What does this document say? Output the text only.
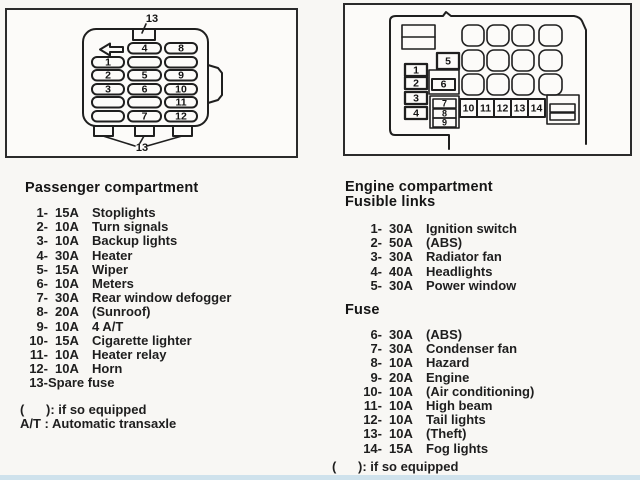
13
4	8
1
2	5	9
3	6	10
11
7	12
13
1
2
3
4
5
6
7
8
9
10 11 12 13 14
Passenger compartment
1- 15A	Stoplights
2- 10A	Turn signals
3- 10A	Backup lights
4- 30A	Heater
5- 15A	Wiper
6- 10A	Meters
7- 30A	Rear window defogger
8- 20A	(Sunroof)
9- 10A	4 A/T
10- 15A	Cigarette lighter
11- 10A	Heater relay
12- 10A	Horn
13- Spare fuse
(      ): if so equipped
A/T : Automatic transaxle
Engine compartment
Fusible links
1- 30A	Ignition switch
2- 50A	(ABS)
3- 30A	Radiator fan
4- 40A	Headlights
5- 30A	Power window
Fuse
6- 30A	(ABS)
7- 30A	Condenser fan
8- 10A	Hazard
9- 20A	Engine
10- 10A	(Air conditioning)
11- 10A	High beam
12- 10A	Tail lights
13- 10A	(Theft)
14- 15A	Fog lights
(      ): if so equipped
